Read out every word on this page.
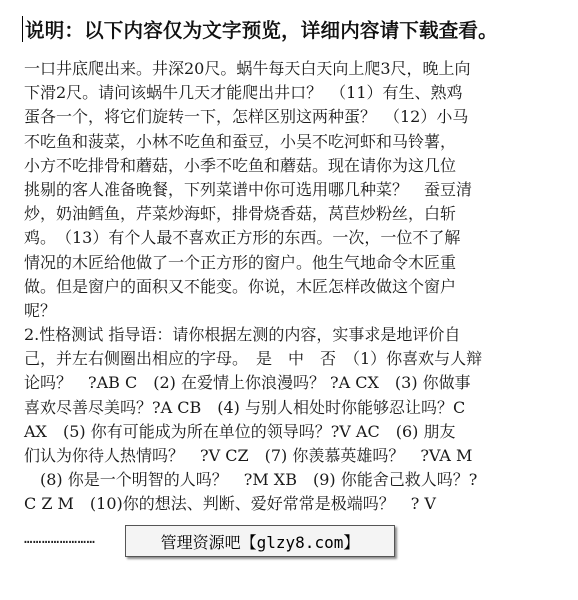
说明：以下内容仅为文字预览，详细内容请下载查看。
一口井底爬出来。井深20尺。蜗牛每天白天向上爬3尺，晚上向
下滑2尺。请问该蜗牛几天才能爬出井口？　（11）有生、熟鸡
蛋各一个，将它们旋转一下，怎样区别这两种蛋？　（12）小马
不吃鱼和菠菜，小林不吃鱼和蚕豆，小吴不吃河虾和马铃薯，
小方不吃排骨和蘑菇，小季不吃鱼和蘑菇。现在请你为这几位
挑剔的客人准备晚餐，下列菜谱中你可选用哪几种菜？　蚕豆清
炒，奶油鳕鱼，芹菜炒海虾，排骨烧香菇，莴苣炒粉丝，白斩
鸡。　（13）有个人最不喜欢正方形的东西。一次，一位不了解
情况的木匠给他做了一个正方形的窗户。他生气地命令木匠重
做。但是窗户的面积又不能变。你说，木匠怎样改做这个窗户
呢？
2.性格测试 指导语：请你根据左测的内容，实事求是地评价自
己，并左右侧圈出相应的字母。　是　中　否　（1）你喜欢与人辩
论吗？　?AB C　(2) 在爱情上你浪漫吗？ ?A CX　(3) 你做事
喜欢尽善尽美吗？?A CB　(4) 与别人相处时你能够忍让吗？C
AX　(5) 你有可能成为所在单位的领导吗？?V AC　(6) 朋友
们认为你待人热情吗？　?V CZ　(7) 你羡慕英雄吗？　?VA M
　(8) 你是一个明智的人吗？　?M XB　(9) 你能舍己救人吗？?
C Z M　(10)你的想法、判断、爱好常常是极端吗？　? V
……………………	管理资源吧【glzy8.com】
